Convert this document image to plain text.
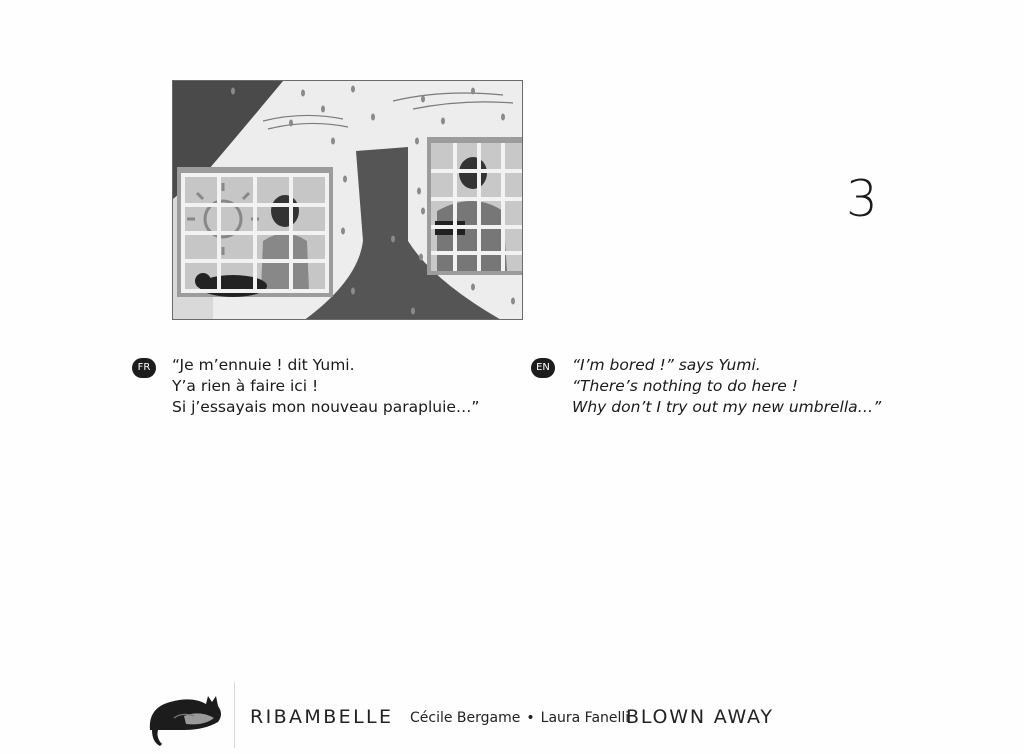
3
FR	“Je m’ennuie ! dit Yumi.
Y’a rien à faire ici !
Si j’essayais mon nouveau parapluie…”
EN	“I’m bored !” says Yumi.
“There’s nothing to do here !
Why don’t I try out my new umbrella…”
RIBAMBELLE Cécile Bergame • Laura Fanelli
BLOWN AWAY
